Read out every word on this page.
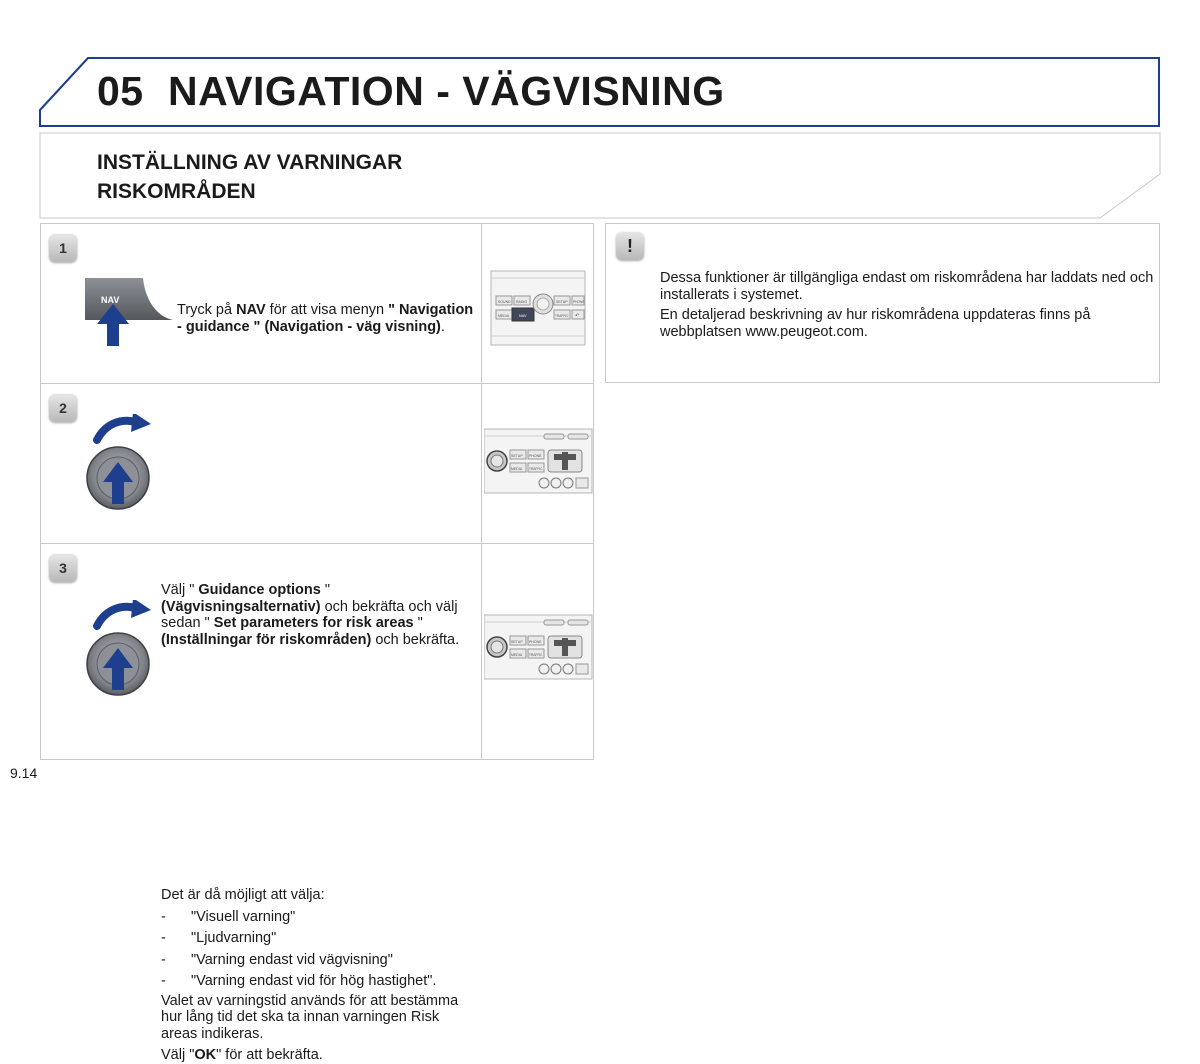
05 NAVIGATION - VÄGVISNING
INSTÄLLNING AV VARNINGAR
RISKOMRÅDEN
1
NAV
Tryck på NAV för att visa menyn " Navigation - guidance " (Navigation - väg visning).
SOUND RADIO	SETUP PHONE
MEDIA	NAV	TRAFFIC ↶
2
Välj " Guidance options " (Vägvisningsalternativ) och bekräfta och välj sedan " Set parameters for risk areas " (Inställningar för riskområden) och bekräfta.
SETUP PHONE
MEDIA TRAFFIC
3
Det är då möjligt att välja:
- "Visuell varning"
- "Ljudvarning"
- "Varning endast vid vägvisning"
- "Varning endast vid för hög hastighet".
Valet av varningstid används för att bestämma hur lång tid det ska ta innan varningen Risk areas indikeras.
Välj "OK" för att bekräfta.
SETUP PHONE
MEDIA TRAFFIC
!

Dessa funktioner är tillgängliga endast om riskområdena har laddats ned och installerats i systemet.

En detaljerad beskrivning av hur riskområdena uppdateras finns på webbplatsen www.peugeot.com.

9.14
